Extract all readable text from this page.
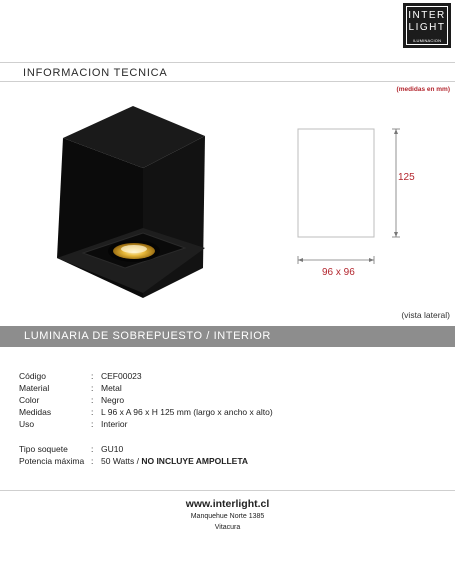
INTER
LIGHT
ILUMINACION
INFORMACION TECNICA
(medidas en mm)
125
96 x 96
(vista lateral)
LUMINARIA DE SOBREPUESTO / INTERIOR
Código	: CEF00023
Material	: Metal
Color	: Negro
Medidas	: L 96 x A 96 x H 125 mm (largo x ancho x alto)
Uso	: Interior
Tipo soquete	: GU10
Potencia máxima : 50 Watts / NO INCLUYE AMPOLLETA
www.interlight.cl
Manquehue Norte 1385
Vitacura
